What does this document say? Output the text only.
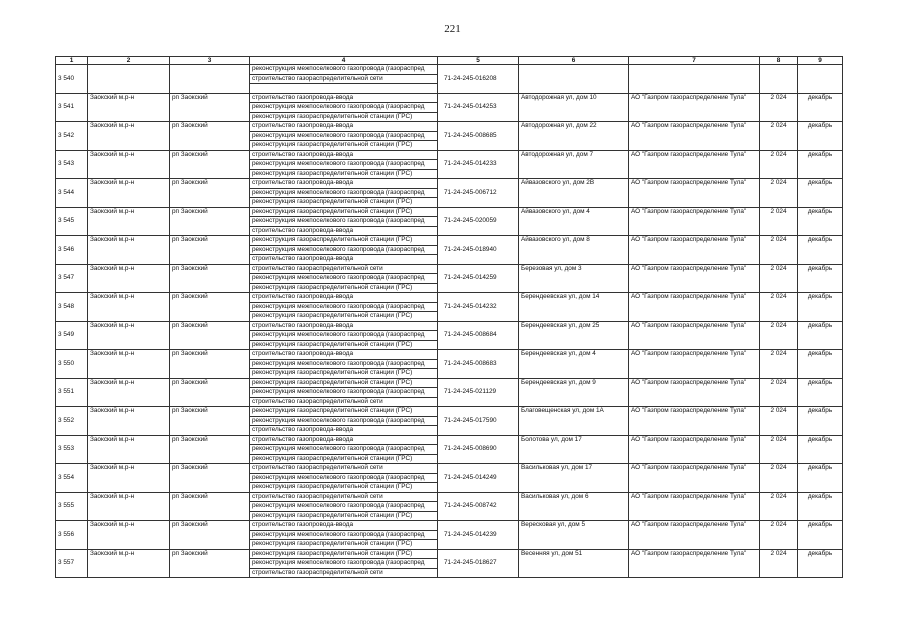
221
1	2	3	4	5	6	7	8	9
3 540			реконструкция межпоселкового газопровода (газораспред	71-24-245-016208				
			строительство газораспределительной сети					

3 541	Заокский м.р-н	рп Заокский	строительство газопровода-ввода	71-24-245-014253	Автодорожная ул, дом 10	АО "Газпром газораспределение Тула"	2 024	декабрь
			реконструкция межпоселкового газопровода (газораспред					
			реконструкция газораспределительной станции (ГРС)					
3 542	Заокский м.р-н	рп Заокский	строительство газопровода-ввода	71-24-245-008685	Автодорожная ул, дом 22	АО "Газпром газораспределение Тула"	2 024	декабрь
			реконструкция межпоселкового газопровода (газораспред					
			реконструкция газораспределительной станции (ГРС)					
3 543	Заокский м.р-н	рп Заокский	строительство газопровода-ввода	71-24-245-014233	Автодорожная ул, дом 7	АО "Газпром газораспределение Тула"	2 024	декабрь
			реконструкция межпоселкового газопровода (газораспред					
			реконструкция газораспределительной станции (ГРС)					
3 544	Заокский м.р-н	рп Заокский	строительство газопровода-ввода	71-24-245-006712	Айвазовского ул, дом 2В	АО "Газпром газораспределение Тула"	2 024	декабрь
			реконструкция межпоселкового газопровода (газораспред					
			реконструкция газораспределительной станции (ГРС)					
3 545	Заокский м.р-н	рп Заокский	реконструкция газораспределительной станции (ГРС)	71-24-245-020059	Айвазовского ул, дом 4	АО "Газпром газораспределение Тула"	2 024	декабрь
			реконструкция межпоселкового газопровода (газораспред					
			строительство газопровода-ввода					
3 546	Заокский м.р-н	рп Заокский	реконструкция газораспределительной станции (ГРС)	71-24-245-018940	Айвазовского ул, дом 8	АО "Газпром газораспределение Тула"	2 024	декабрь
			реконструкция межпоселкового газопровода (газораспред					
			строительство газопровода-ввода					
3 547	Заокский м.р-н	рп Заокский	строительство газораспределительной сети	71-24-245-014259	Березовая ул, дом 3	АО "Газпром газораспределение Тула"	2 024	декабрь
			реконструкция межпоселкового газопровода (газораспред					
			реконструкция газораспределительной станции (ГРС)					
3 548	Заокский м.р-н	рп Заокский	строительство газопровода-ввода	71-24-245-014232	Берендеевская ул, дом 14	АО "Газпром газораспределение Тула"	2 024	декабрь
			реконструкция межпоселкового газопровода (газораспред					
			реконструкция газораспределительной станции (ГРС)					
3 549	Заокский м.р-н	рп Заокский	строительство газопровода-ввода	71-24-245-008684	Берендеевская ул, дом 25	АО "Газпром газораспределение Тула"	2 024	декабрь
			реконструкция межпоселкового газопровода (газораспред					
			реконструкция газораспределительной станции (ГРС)					
3 550	Заокский м.р-н	рп Заокский	строительство газопровода-ввода	71-24-245-008683	Берендеевская ул, дом 4	АО "Газпром газораспределение Тула"	2 024	декабрь
			реконструкция межпоселкового газопровода (газораспред					
			реконструкция газораспределительной станции (ГРС)					
3 551	Заокский м.р-н	рп Заокский	реконструкция газораспределительной станции (ГРС)	71-24-245-021129	Берендеевская ул, дом 9	АО "Газпром газораспределение Тула"	2 024	декабрь
			реконструкция межпоселкового газопровода (газораспред					
			строительство газораспределительной сети					
3 552	Заокский м.р-н	рп Заокский	реконструкция газораспределительной станции (ГРС)	71-24-245-017590	Благовещенская ул, дом 1А	АО "Газпром газораспределение Тула"	2 024	декабрь
			реконструкция межпоселкового газопровода (газораспред					
			строительство газопровода-ввода					
3 553	Заокский м.р-н	рп Заокский	строительство газопровода-ввода	71-24-245-008690	Болотова ул, дом 17	АО "Газпром газораспределение Тула"	2 024	декабрь
			реконструкция межпоселкового газопровода (газораспред					
			реконструкция газораспределительной станции (ГРС)					
3 554	Заокский м.р-н	рп Заокский	строительство газораспределительной сети	71-24-245-014249	Васильковая ул, дом 17	АО "Газпром газораспределение Тула"	2 024	декабрь
			реконструкция межпоселкового газопровода (газораспред					
			реконструкция газораспределительной станции (ГРС)					
3 555	Заокский м.р-н	рп Заокский	строительство газораспределительной сети	71-24-245-008742	Васильковая ул, дом 6	АО "Газпром газораспределение Тула"	2 024	декабрь
			реконструкция межпоселкового газопровода (газораспред					
			реконструкция газораспределительной станции (ГРС)					
3 556	Заокский м.р-н	рп Заокский	строительство газопровода-ввода	71-24-245-014239	Вересковая ул, дом 5	АО "Газпром газораспределение Тула"	2 024	декабрь
			реконструкция межпоселкового газопровода (газораспред					
			реконструкция газораспределительной станции (ГРС)					
3 557	Заокский м.р-н	рп Заокский	реконструкция газораспределительной станции (ГРС)	71-24-245-018627	Весенняя ул, дом 51	АО "Газпром газораспределение Тула"	2 024	декабрь
			реконструкция межпоселкового газопровода (газораспред					
			строительство газораспределительной сети					
